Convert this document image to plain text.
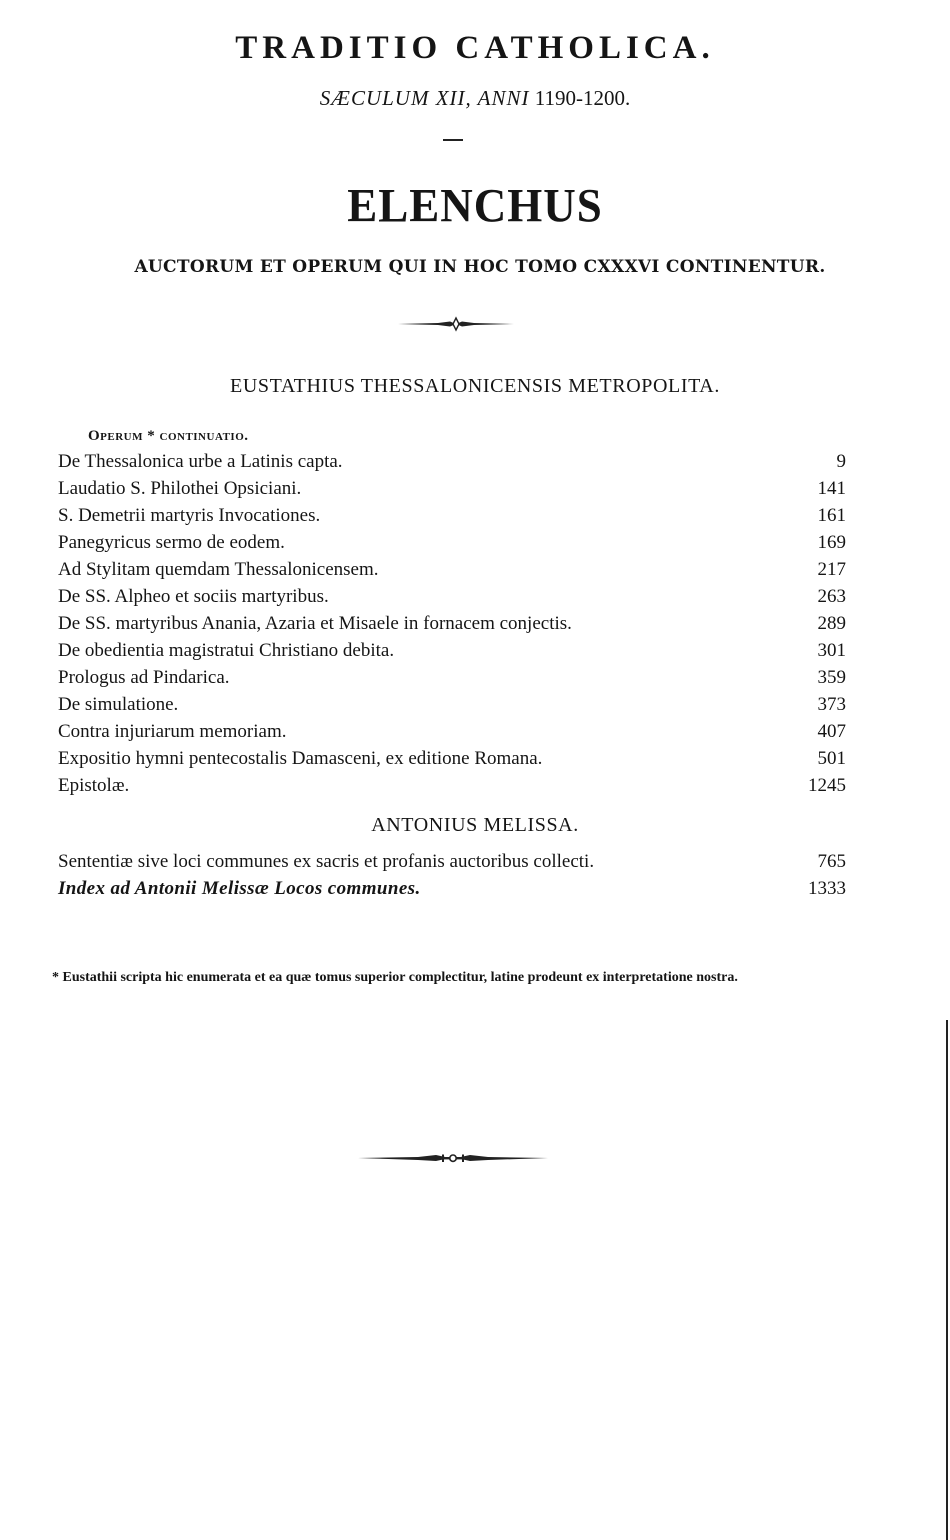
TRADITIO CATHOLICA.
SÆCULUM XII, ANNI 1190-1200.
ELENCHUS
AUCTORUM ET OPERUM QUI IN HOC TOMO CXXXVI CONTINENTUR.
EUSTATHIUS THESSALONICENSIS METROPOLITA.
Operum * continuatio.
De Thessalonica urbe a Latinis capta.	9
Laudatio S. Philothei Opsiciani.	141
S. Demetrii martyris Invocationes.	161
Panegyricus sermo de eodem.	169
Ad Stylitam quemdam Thessalonicensem.	217
De SS. Alpheo et sociis martyribus.	263
De SS. martyribus Anania, Azaria et Misaele in fornacem conjectis.	289
De obedientia magistratui Christiano debita.	301
Prologus ad Pindarica.	359
De simulatione.	373
Contra injuriarum memoriam.	407
Expositio hymni pentecostalis Damasceni, ex editione Romana.	501
Epistolæ.	1245
ANTONIUS MELISSA.
Sententiæ sive loci communes ex sacris et profanis auctoribus collecti.	765
Index ad Antonii Melissæ Locos communes.	1333
* Eustathii scripta hic enumerata et ea quæ tomus superior complectitur, latine prodeunt ex interpretatione nostra.
